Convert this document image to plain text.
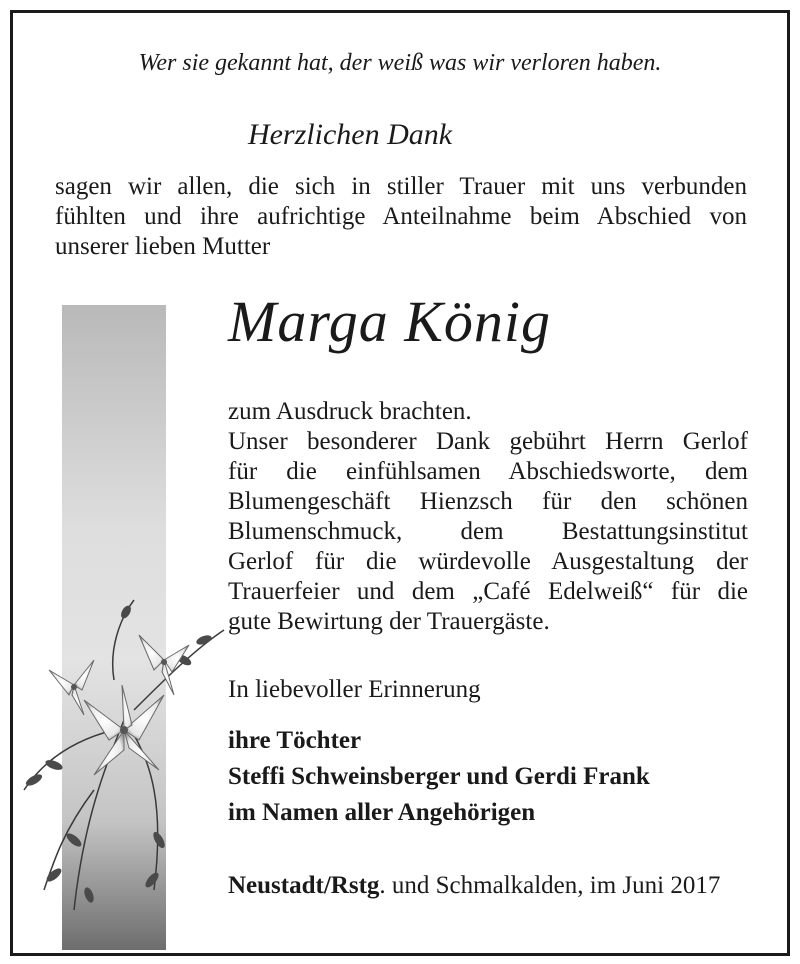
Wer sie gekannt hat, der weiß was wir verloren haben.

Herzlichen Dank

sagen wir allen, die sich in stiller Trauer mit uns verbunden
fühlten und ihre aufrichtige Anteilnahme beim Abschied von
unserer lieben Mutter

Marga König

zum Ausdruck brachten.
Unser besonderer Dank gebührt Herrn Gerlof
für die einfühlsamen Abschiedsworte, dem
Blumengeschäft Hienzsch für den schönen
Blumenschmuck, dem Bestattungsinstitut
Gerlof für die würdevolle Ausgestaltung der
Trauerfeier und dem „Café Edelweiß“ für die
gute Bewirtung der Trauergäste.

In liebevoller Erinnerung

ihre Töchter

Steffi Schweinsberger und Gerdi Frank

im Namen aller Angehörigen

Neustadt/Rstg. und Schmalkalden, im Juni 2017
